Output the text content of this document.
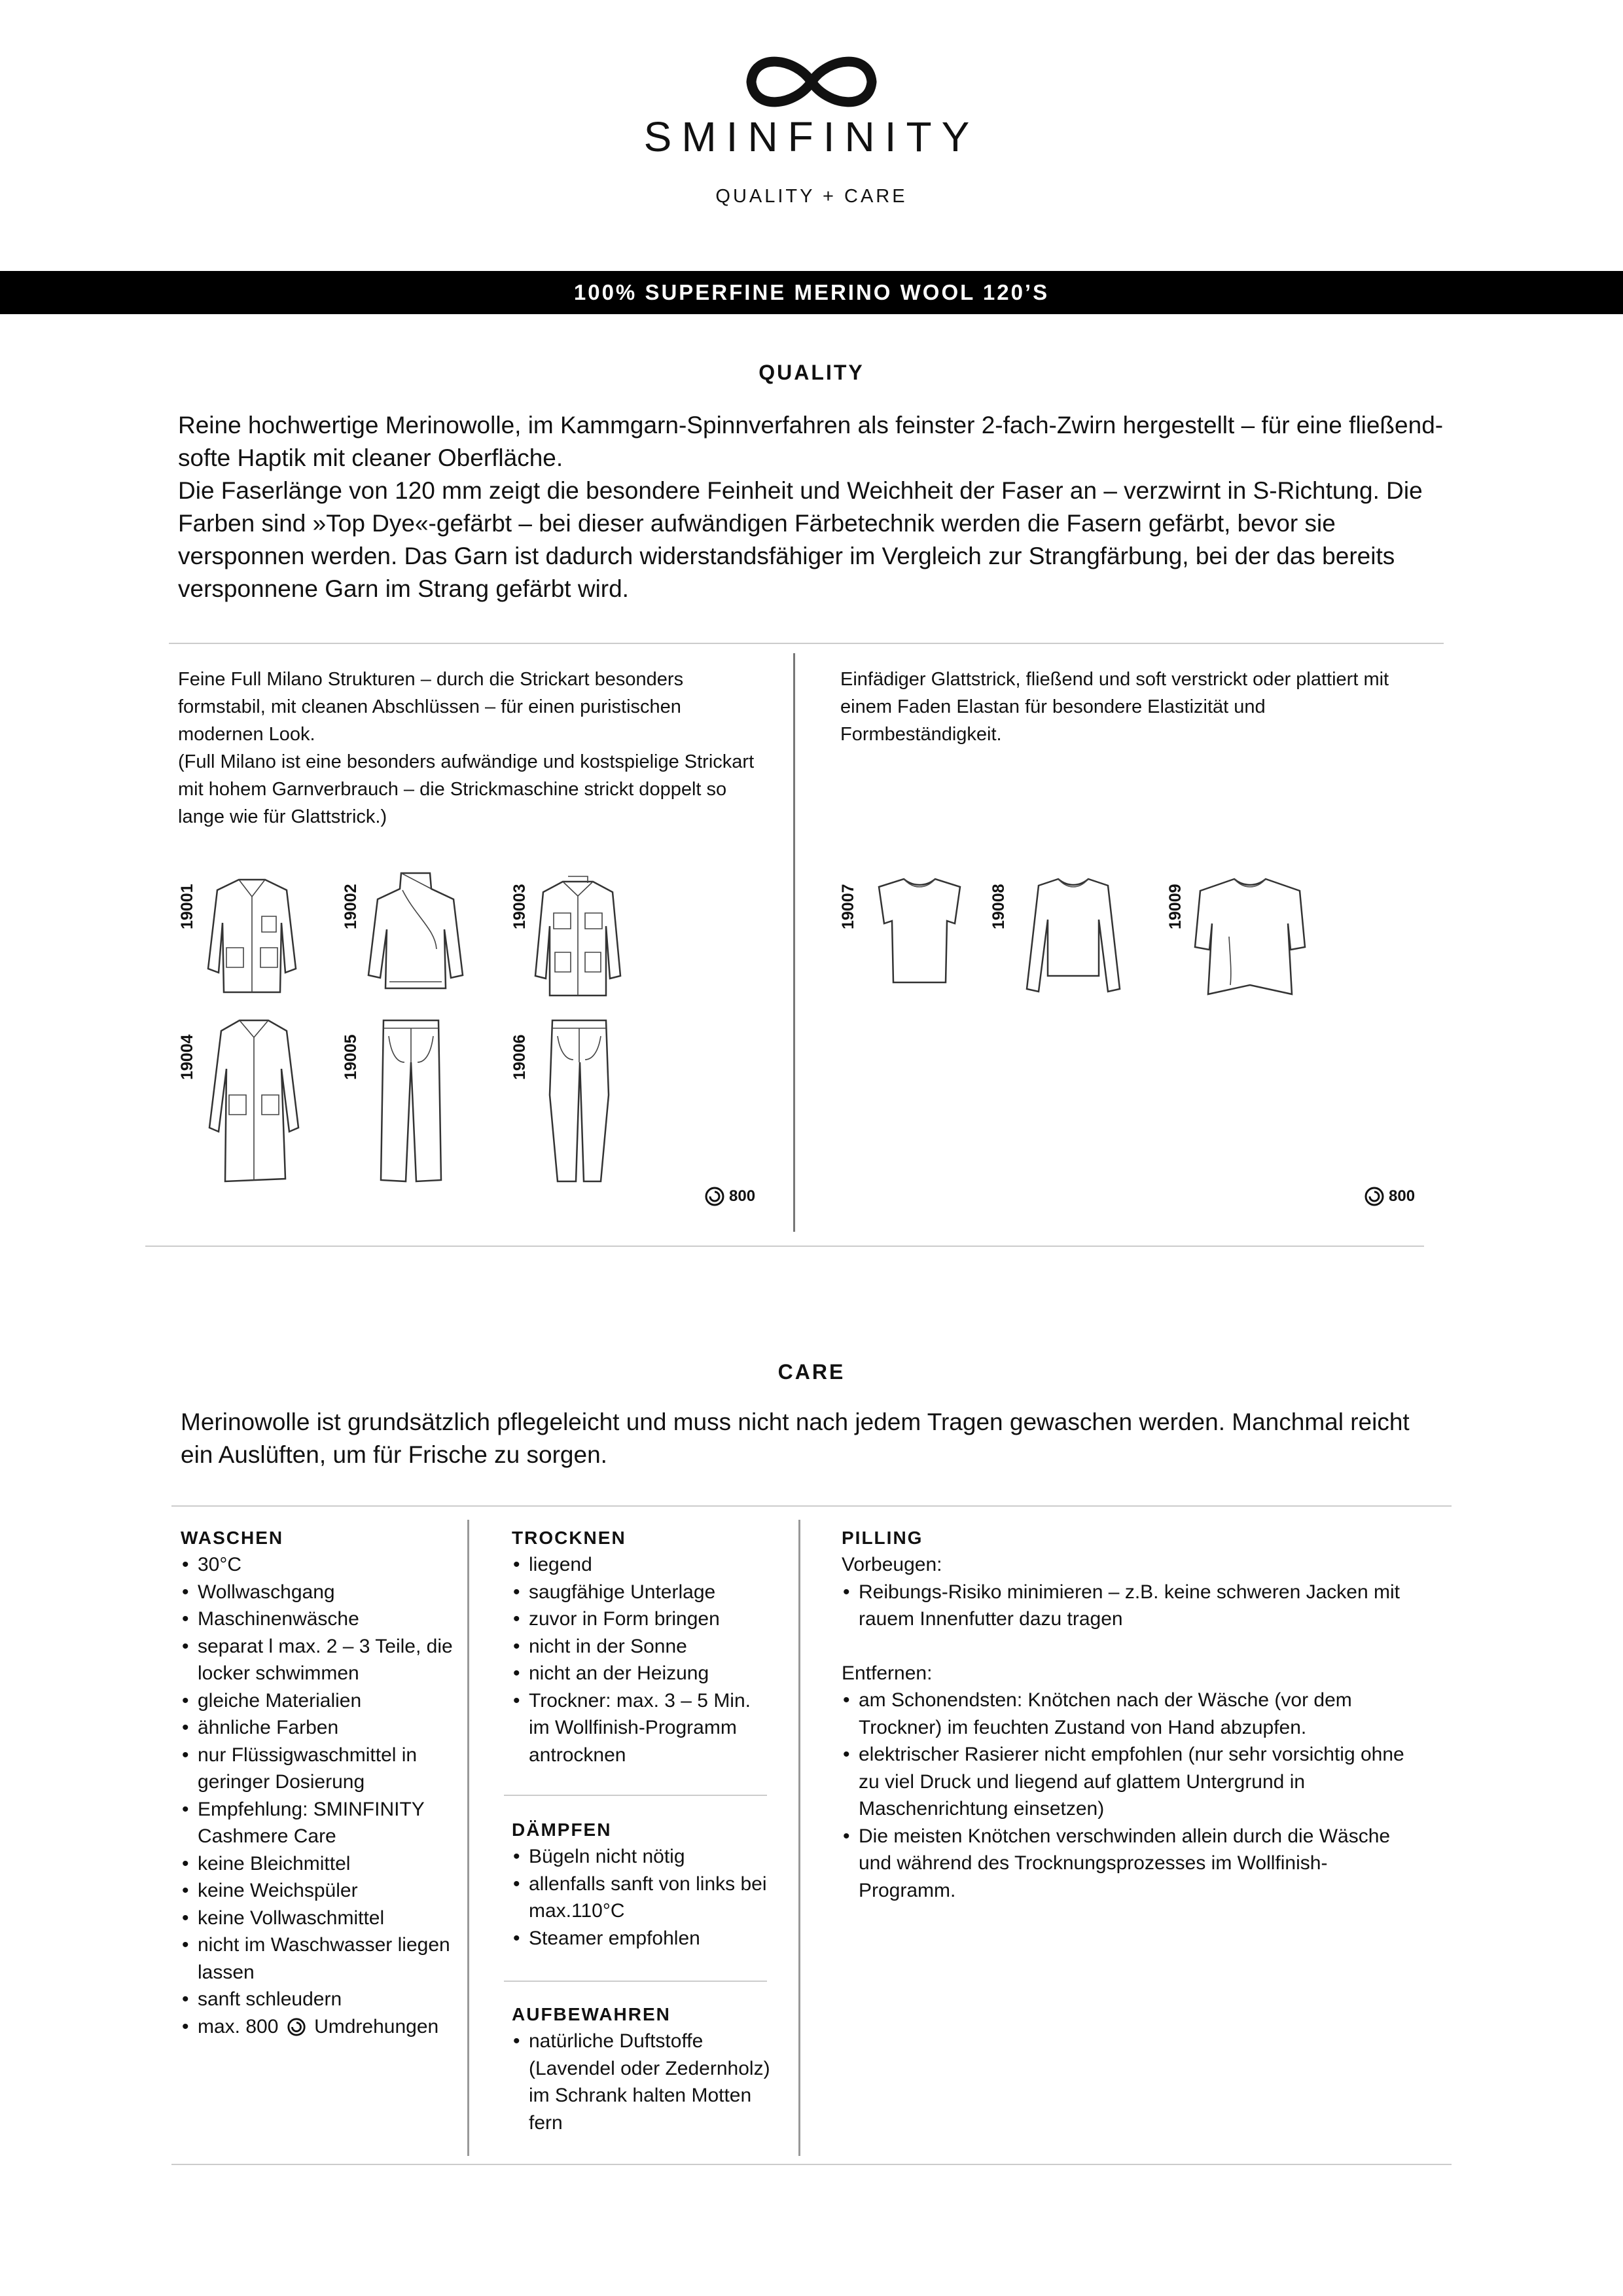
SMINFINITY
QUALITY + CARE
100% SUPERFINE MERINO WOOL 120’S
QUALITY
Reine hochwertige Merinowolle, im Kammgarn-Spinnverfahren als feinster 2-fach-Zwirn hergestellt – für eine fließend-softe Haptik mit cleaner Oberfläche.
Die Faserlänge von 120 mm zeigt die besondere Feinheit und Weichheit der Faser an – verzwirnt in S-Richtung. Die Farben sind »Top Dye«-gefärbt – bei dieser aufwändigen Färbetechnik werden die Fasern gefärbt, bevor sie versponnen werden. Das Garn ist dadurch widerstandsfähiger im Vergleich zur Strangfärbung, bei der das bereits versponnene Garn im Strang gefärbt wird.
Feine Full Milano Strukturen – durch die Strickart besonders formstabil, mit cleanen Abschlüssen – für einen puristischen modernen Look.
(Full Milano ist eine besonders aufwändige und kostspielige Strickart mit hohem Garnverbrauch – die Strickmaschine strickt doppelt so lange wie für Glattstrick.)
Einfädiger Glattstrick, fließend und soft verstrickt oder plattiert mit einem Faden Elastan für besondere Elastizität und Formbeständigkeit.
19001	19002	19003
19004	19005	19006
800
19007	19008	19009
800
CARE
Merinowolle ist grundsätzlich pflegeleicht und muss nicht nach jedem Tragen gewaschen werden. Manchmal reicht ein Auslüften, um für Frische zu sorgen.
WASCHEN
• 30°C
• Wollwaschgang
• Maschinenwäsche
• separat l max. 2 – 3 Teile, die locker schwimmen
• gleiche Materialien
• ähnliche Farben
• nur Flüssigwaschmittel in geringer Dosierung
• Empfehlung: SMINFINITY Cashmere Care
• keine Bleichmittel
• keine Weichspüler
• keine Vollwaschmittel
• nicht im Waschwasser liegen lassen
• sanft schleudern
• max. 800 Umdrehungen
TROCKNEN
• liegend
• saugfähige Unterlage
• zuvor in Form bringen
• nicht in der Sonne
• nicht an der Heizung
• Trockner: max. 3 – 5 Min. im Wollfinish-Programm antrocknen
DÄMPFEN
• Bügeln nicht nötig
• allenfalls sanft von links bei max.110°C
• Steamer empfohlen
AUFBEWAHREN
• natürliche Duftstoffe (Lavendel oder Zedernholz) im Schrank halten Motten fern
PILLING
Vorbeugen:
• Reibungs-Risiko minimieren – z.B. keine schweren Jacken mit rauem Innenfutter dazu tragen
Entfernen:
• am Schonendsten: Knötchen nach der Wäsche (vor dem Trockner) im feuchten Zustand von Hand abzupfen.
• elektrischer Rasierer nicht empfohlen (nur sehr vorsichtig ohne zu viel Druck und liegend auf glattem Untergrund in Maschenrichtung einsetzen)
• Die meisten Knötchen verschwinden allein durch die Wäsche und während des Trocknungsprozesses im Wollfinish-Programm.
